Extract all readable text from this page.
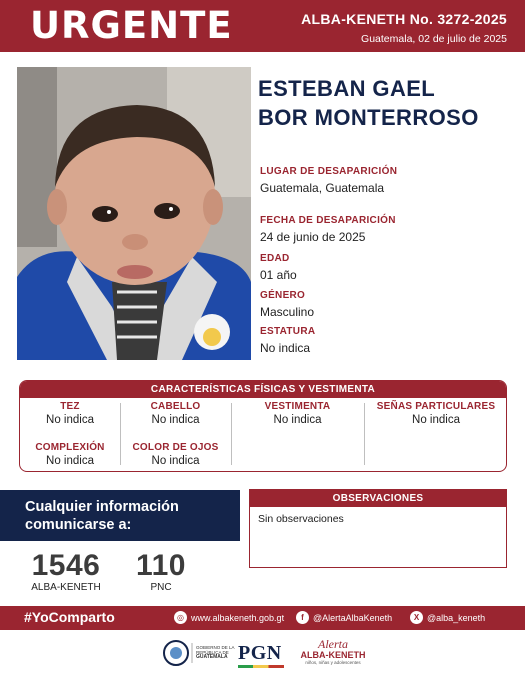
URGENTE	ALBA-KENETH No. 3272-2025
Guatemala, 02 de julio de 2025
ESTEBAN GAEL
BOR MONTERROSO
LUGAR DE DESAPARICIÓN
Guatemala, Guatemala
FECHA DE DESAPARICIÓN
24 de junio de 2025
EDAD
01 año
GÉNERO
Masculino
ESTATURA
No indica
CARACTERÍSTICAS FÍSICAS Y VESTIMENTA
TEZ
No indica
CABELLO
No indica
VESTIMENTA
No indica
SEÑAS PARTICULARES
No indica
COMPLEXIÓN
No indica
COLOR DE OJOS
No indica
Cualquier información
comunicarse a:
1546
ALBA-KENETH
110
PNC
OBSERVACIONES
Sin observaciones
#YoComparto	◎ www.albakeneth.gob.gt	f	@AlertaAlbaKeneth	X @alba_keneth
GOBIERNO DE LA REPÚBLICA DE
GUATEMALA PGN	Alerta
ALBA-KENETH
niños, niñas y adolescentes
